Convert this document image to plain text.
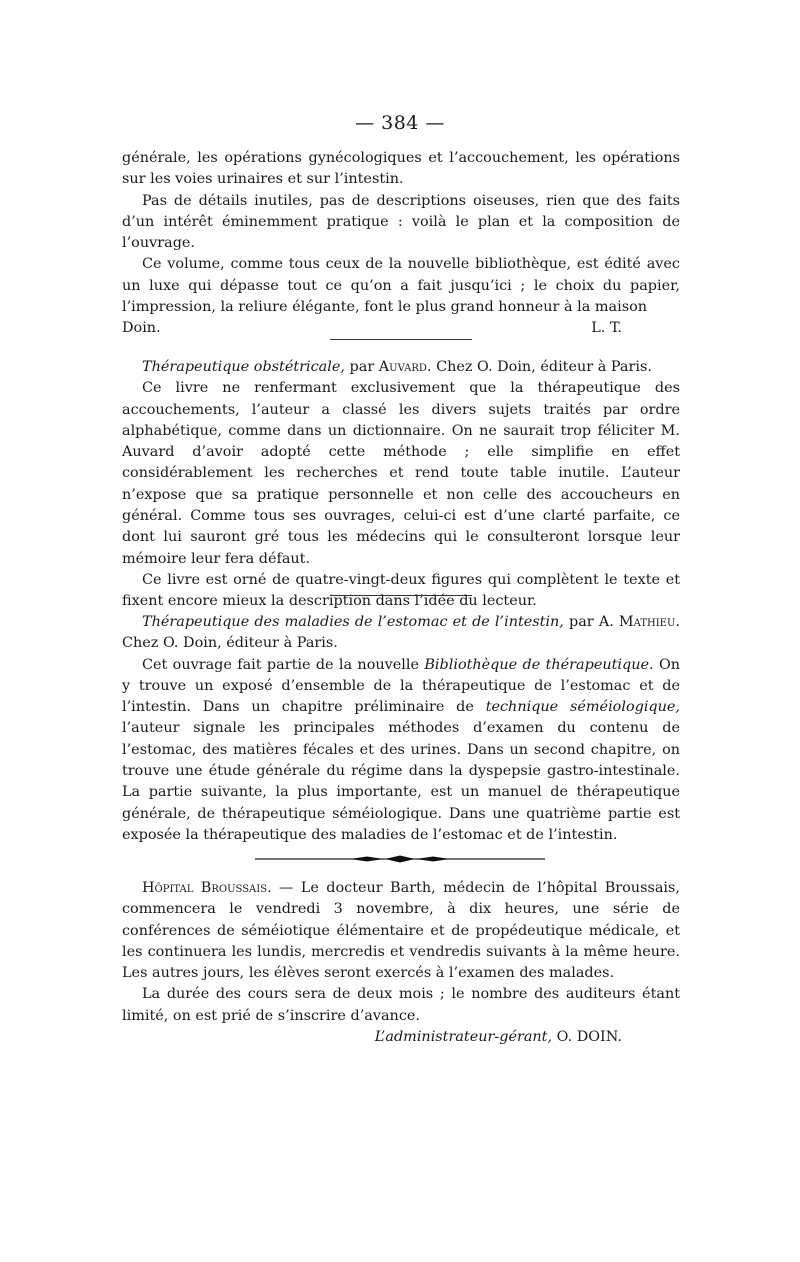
— 384 —

générale, les opérations gynécologiques et l’accouchement, les opérations sur les voies urinaires et sur l’intestin.

Pas de détails inutiles, pas de descriptions oiseuses, rien que des faits d’un intérêt éminemment pratique : voilà le plan et la composition de l’ouvrage.

Ce volume, comme tous ceux de la nouvelle bibliothèque, est édité avec un luxe qui dépasse tout ce qu’on a fait jusqu’ici ; le choix du papier, l’impression, la reliure élégante, font le plus grand honneur à la maison

Doin.	L. T.

Thérapeutique obstétricale, par Auvard. Chez O. Doin, éditeur à Paris.

Ce livre ne renfermant exclusivement que la thérapeutique des accouchements, l’auteur a classé les divers sujets traités par ordre alphabétique, comme dans un dictionnaire. On ne saurait trop féliciter M. Auvard d’avoir adopté cette méthode ; elle simplifie en effet considérablement les recherches et rend toute table inutile. L’auteur n’expose que sa pratique personnelle et non celle des accoucheurs en général. Comme tous ses ouvrages, celui-ci est d’une clarté parfaite, ce dont lui sauront gré tous les médecins qui le consulteront lorsque leur mémoire leur fera défaut.

Ce livre est orné de quatre-vingt-deux figures qui complètent le texte et fixent encore mieux la description dans l’idée du lecteur.

Thérapeutique des maladies de l’estomac et de l’intestin, par A. Mathieu. Chez O. Doin, éditeur à Paris.

Cet ouvrage fait partie de la nouvelle Bibliothèque de thérapeutique. On y trouve un exposé d’ensemble de la thérapeutique de l’estomac et de l’intestin. Dans un chapitre préliminaire de technique séméiologique, l’auteur signale les principales méthodes d’examen du contenu de l’estomac, des matières fécales et des urines. Dans un second chapitre, on trouve une étude générale du régime dans la dyspepsie gastro-intestinale. La partie suivante, la plus importante, est un manuel de thérapeutique générale, de thérapeutique séméiologique. Dans une quatrième partie est exposée la thérapeutique des maladies de l’estomac et de l’intestin.

Hôpital Broussais. — Le docteur Barth, médecin de l’hôpital Broussais, commencera le vendredi 3 novembre, à dix heures, une série de conférences de séméiotique élémentaire et de propédeutique médicale, et les continuera les lundis, mercredis et vendredis suivants à la même heure. Les autres jours, les élèves seront exercés à l’examen des malades.

La durée des cours sera de deux mois ; le nombre des auditeurs étant limité, on est prié de s’inscrire d’avance.

L’administrateur-gérant, O. DOIN.
